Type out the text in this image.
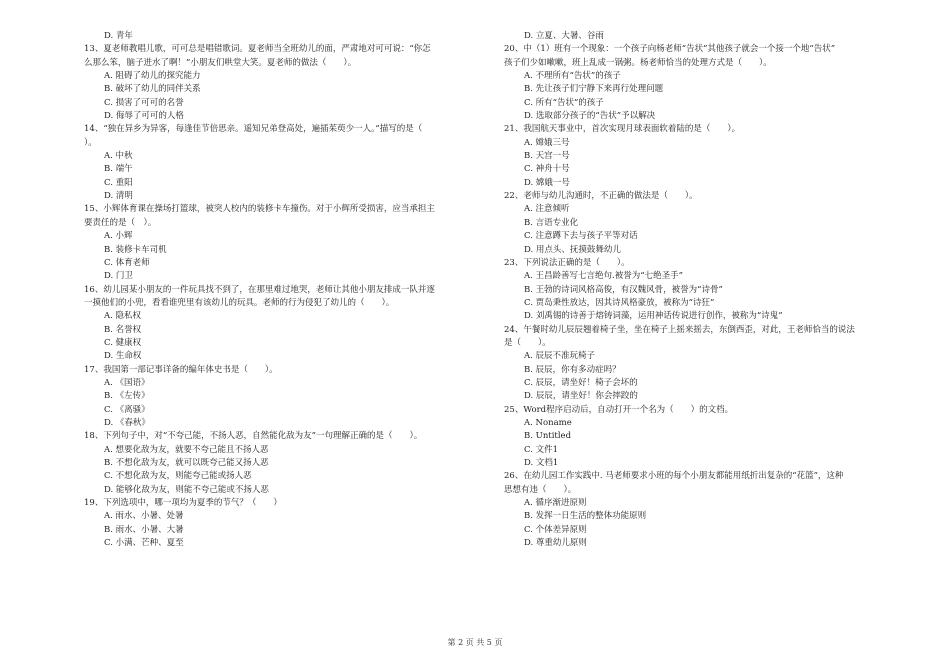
D. 青年
13、夏老师教唱儿歌，可可总是唱错歌词。夏老师当全班幼儿的面，严肃地对可可说：“你怎
么那么笨，脑子进水了啊！”小朋友们哄堂大笑。夏老师的做法（　　）。
A. 阻碍了幼儿的探究能力
B. 破坏了幼儿的同伴关系
C. 损害了可可的名誉
D. 侮辱了可可的人格
14、“独在异乡为异客，每逢佳节倍思亲。遥知兄弟登高处，遍插茱萸少一人。”描写的是（
）。
A. 中秋
B. 端午
C. 重阳
D. 清明
15、小辉体育课在操场打篮球，被突人校内的装修卡车撞伤。对于小辉所受损害，应当承担主
要责任的是（　）。
A. 小辉
B. 装修卡车司机
C. 体育老师
D. 门卫
16、幼儿园某小朋友的一件玩具找不到了，在那里难过地哭，老师让其他小朋友排成一队并逐
一摸他们的小兜，看看谁兜里有该幼儿的玩具。老师的行为侵犯了幼儿的（　　）。
A. 隐私权
B. 名誉权
C. 健康权
D. 生命权
17、我国第一部记事详备的编年体史书是（　　）。
A. 《国语》
B. 《左传》
C. 《离骚》
D. 《春秋》
18、下列句子中，对“不夸己能，不扬人恶，自然能化敌为友”一句理解正确的是（　　）。
A. 想要化敌为友，就要不夸己能且不扬人恶
B. 不想化敌为友，就可以既夸己能又扬人恶
C. 不想化敌为友，则能夸己能或扬人恶
D. 能够化敌为友，则能不夸己能或不扬人恶
19、下列选项中，哪一项均为夏季的节气？（　　）
A. 雨水、小暑、处暑
B. 雨水、小暑、大暑
C. 小满、芒种、夏至
D. 立夏、大暑、谷雨
20、中（1）班有一个现象：一个孩子向杨老师“告状”其他孩子就会一个接一个地“告状”
孩子们少如嗽嗽，班上乱成一锅粥。杨老师恰当的处理方式是（　　）。
A. 不理所有“告状”的孩子
B. 先让孩子们宁静下来再行处理问题
C. 所有“告状”的孩子
D. 选取部分孩子的“告状”予以解决
21、我国航天事业中，首次实现月球表面软着陆的是（　　）。
A. 嫦娥三号
B. 天宫一号
C. 神舟十号
D. 嫦娥一号
22、老师与幼儿沟通时，不正确的做法是（　　）。
A. 注意倾听
B. 言语专业化
C. 注意蹲下去与孩子平等对话
D. 用点头、抚摸鼓舞幼儿
23、下列说法正确的是（　　）。
A. 王昌龄善写七言绝句.被誉为“七绝圣手”
B. 王勃的诗词风格高俊，有汉魏风骨，被誉为“诗骨”
C. 贾岛秉性放达，因其诗风格豪放，被称为“诗狂”
D. 刘禹锡的诗善于熔铸词藻，运用神话传说进行创作，被称为“诗鬼”
24、午餐时幼儿辰辰翘着椅子坐，坐在椅子上摇来摇去，东倒西歪，对此，王老师恰当的说法
是（　　）。
A. 辰辰不准玩椅子
B. 辰辰，你有多动症吗？
C. 辰辰，请坐好！椅子会坏的
D. 辰辰，请坐好！你会摔跤的
25、Word程序启动后，自动打开一个名为（　　）的文档。
A. Noname
B. Untitled
C. 文件1
D. 文档1
26、在幼儿园工作实践中. 马老师要求小班的每个小朋友都能用纸折出复杂的“花篮”，这种
思想有违（　　）。
A. 循序渐进原则
B. 发挥一日生活的整体功能原则
C. 个体差异原则
D. 尊重幼儿原则
第 2 页 共 5 页
